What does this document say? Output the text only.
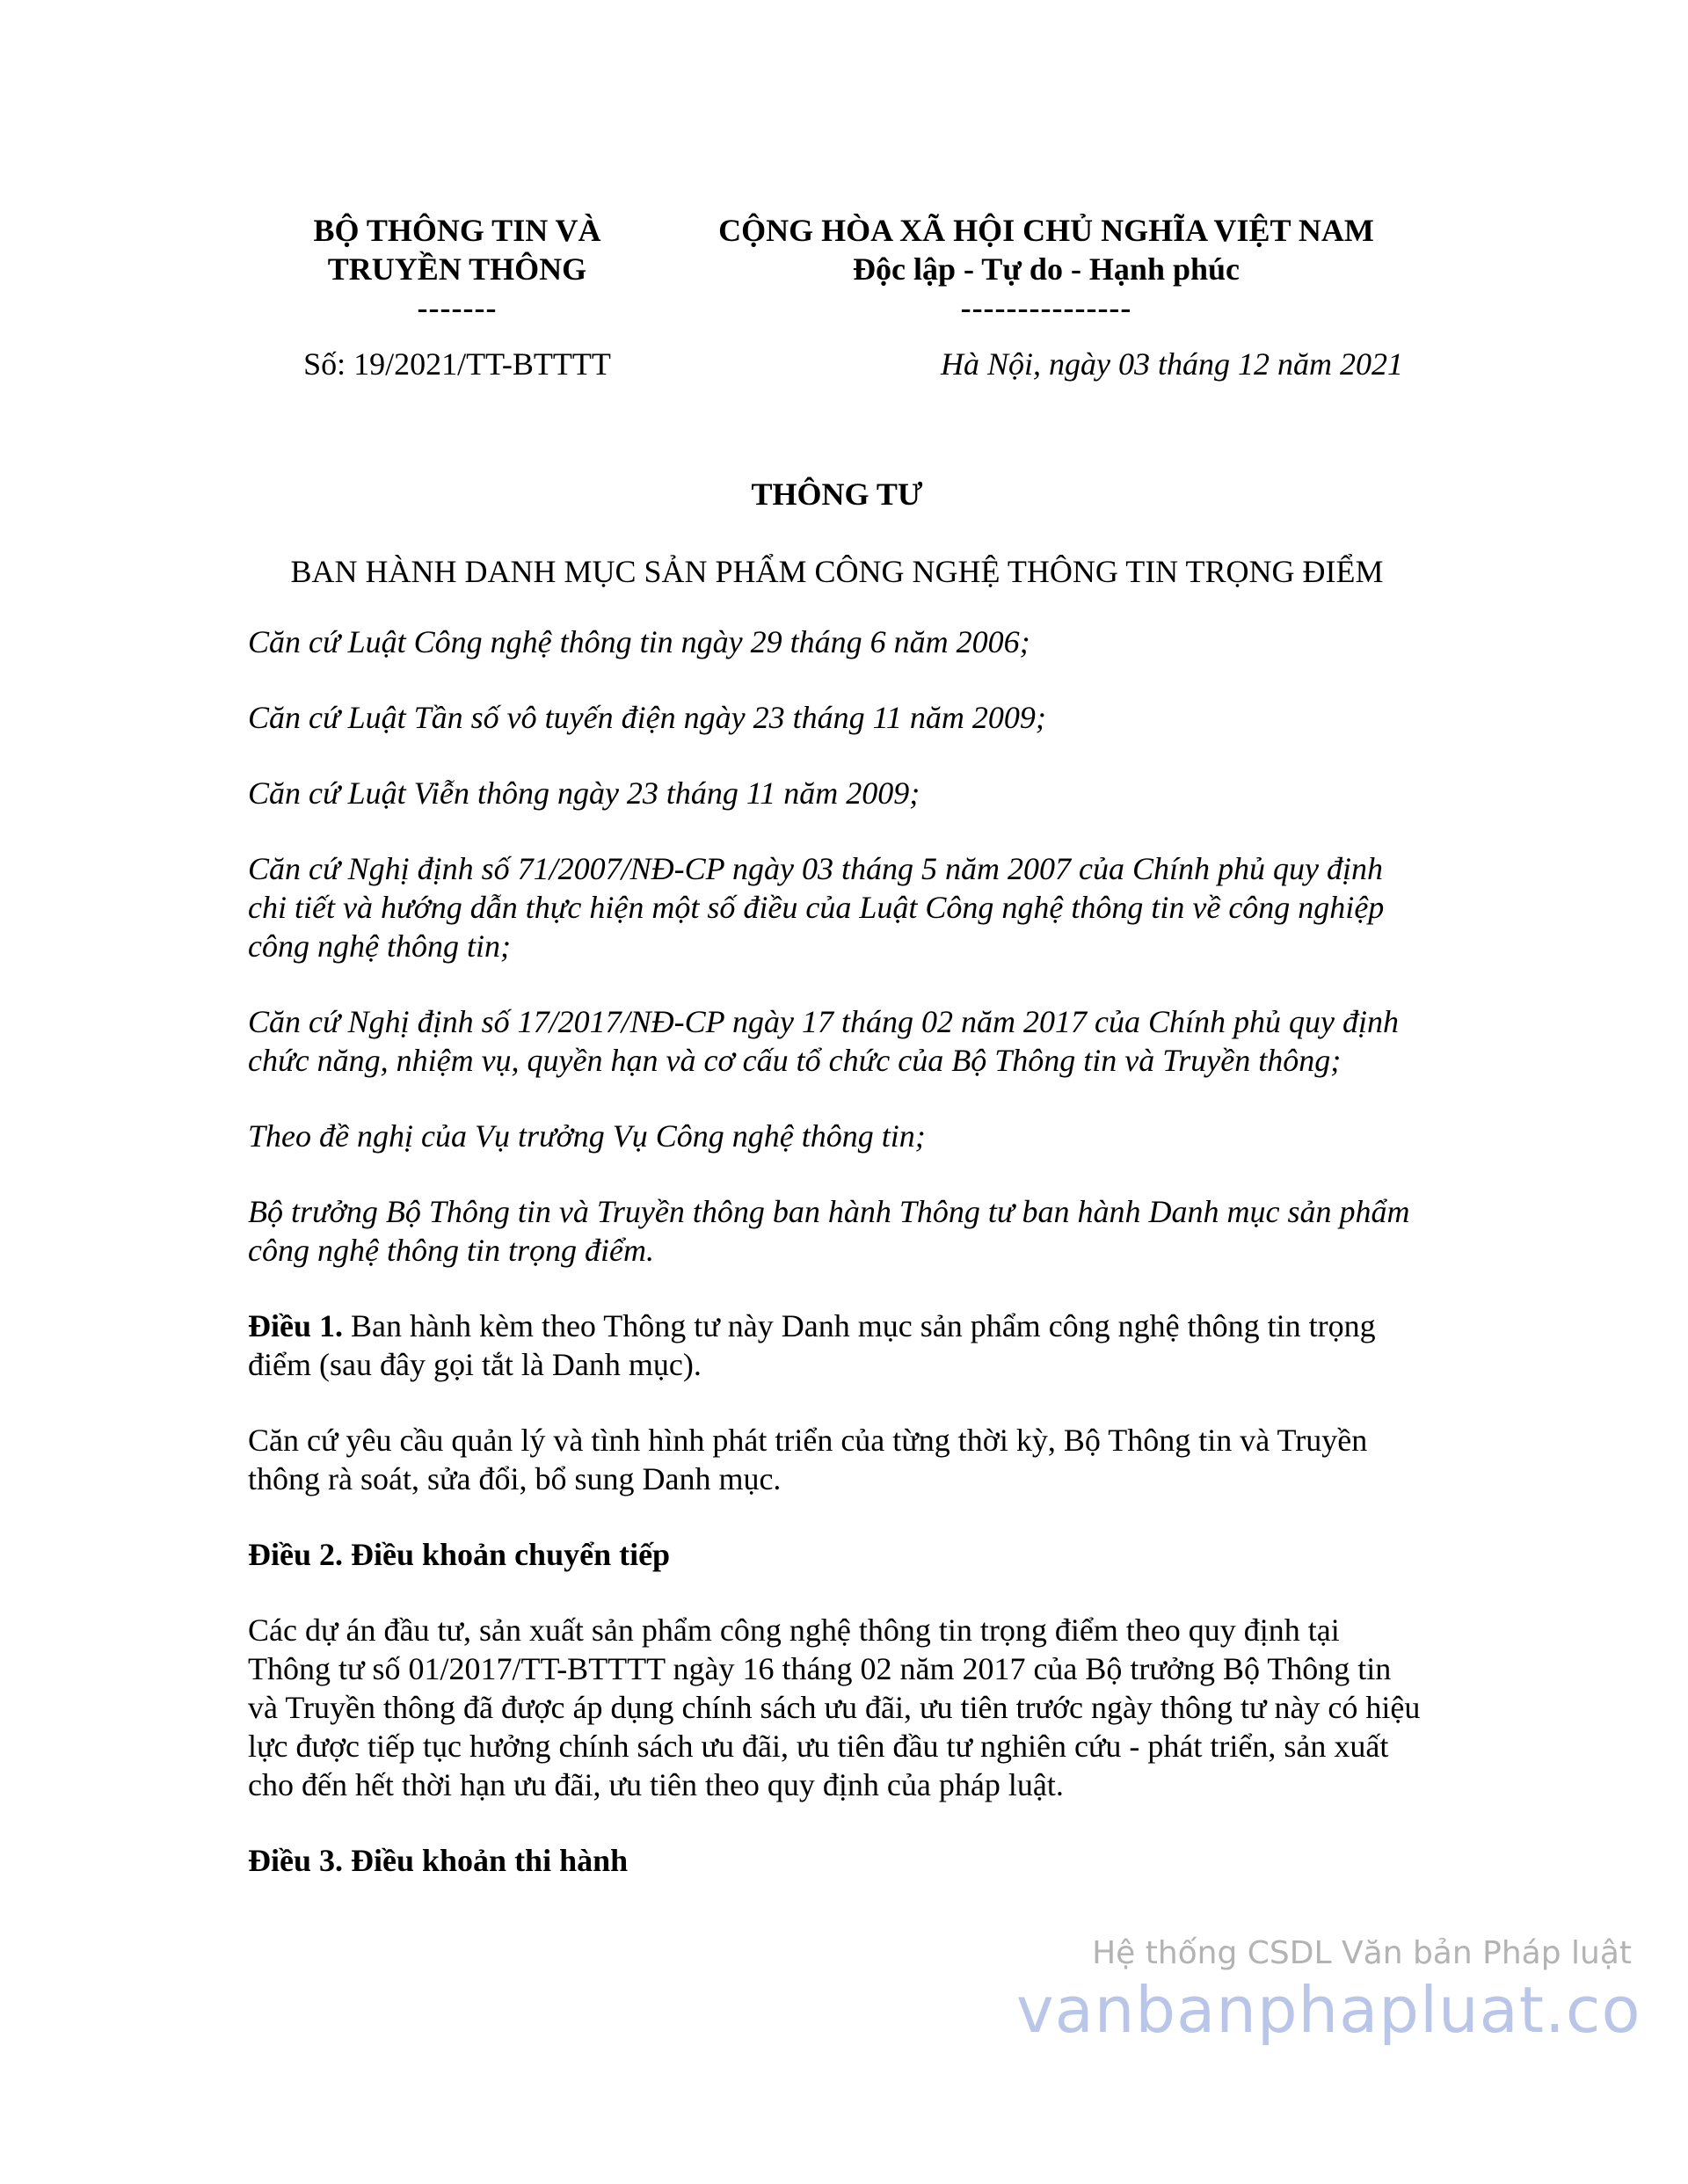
BỘ THÔNG TIN VÀ
TRUYỀN THÔNG
-------
CỘNG HÒA XÃ HỘI CHỦ NGHĨA VIỆT NAM
Độc lập - Tự do - Hạnh phúc
---------------
Số: 19/2021/TT-BTTTT	Hà Nội, ngày 03 tháng 12 năm 2021
THÔNG TƯ
BAN HÀNH DANH MỤC SẢN PHẨM CÔNG NGHỆ THÔNG TIN TRỌNG ĐIỂM

Căn cứ Luật Công nghệ thông tin ngày 29 tháng 6 năm 2006;

Căn cứ Luật Tần số vô tuyến điện ngày 23 tháng 11 năm 2009;

Căn cứ Luật Viễn thông ngày 23 tháng 11 năm 2009;

Căn cứ Nghị định số 71/2007/NĐ-CP ngày 03 tháng 5 năm 2007 của Chính phủ quy định chi tiết và hướng dẫn thực hiện một số điều của Luật Công nghệ thông tin về công nghiệp công nghệ thông tin;

Căn cứ Nghị định số 17/2017/NĐ-CP ngày 17 tháng 02 năm 2017 của Chính phủ quy định chức năng, nhiệm vụ, quyền hạn và cơ cấu tổ chức của Bộ Thông tin và Truyền thông;

Theo đề nghị của Vụ trưởng Vụ Công nghệ thông tin;

Bộ trưởng Bộ Thông tin và Truyền thông ban hành Thông tư ban hành Danh mục sản phẩm công nghệ thông tin trọng điểm.

Điều 1. Ban hành kèm theo Thông tư này Danh mục sản phẩm công nghệ thông tin trọng điểm (sau đây gọi tắt là Danh mục).

Căn cứ yêu cầu quản lý và tình hình phát triển của từng thời kỳ, Bộ Thông tin và Truyền thông rà soát, sửa đổi, bổ sung Danh mục.

Điều 2. Điều khoản chuyển tiếp

Các dự án đầu tư, sản xuất sản phẩm công nghệ thông tin trọng điểm theo quy định tại Thông tư số 01/2017/TT-BTTTT ngày 16 tháng 02 năm 2017 của Bộ trưởng Bộ Thông tin và Truyền thông đã được áp dụng chính sách ưu đãi, ưu tiên trước ngày thông tư này có hiệu lực được tiếp tục hưởng chính sách ưu đãi, ưu tiên đầu tư nghiên cứu - phát triển, sản xuất cho đến hết thời hạn ưu đãi, ưu tiên theo quy định của pháp luật.

Điều 3. Điều khoản thi hành

Hệ thống CSDL Văn bản Pháp luật
vanbanphapluat.co
